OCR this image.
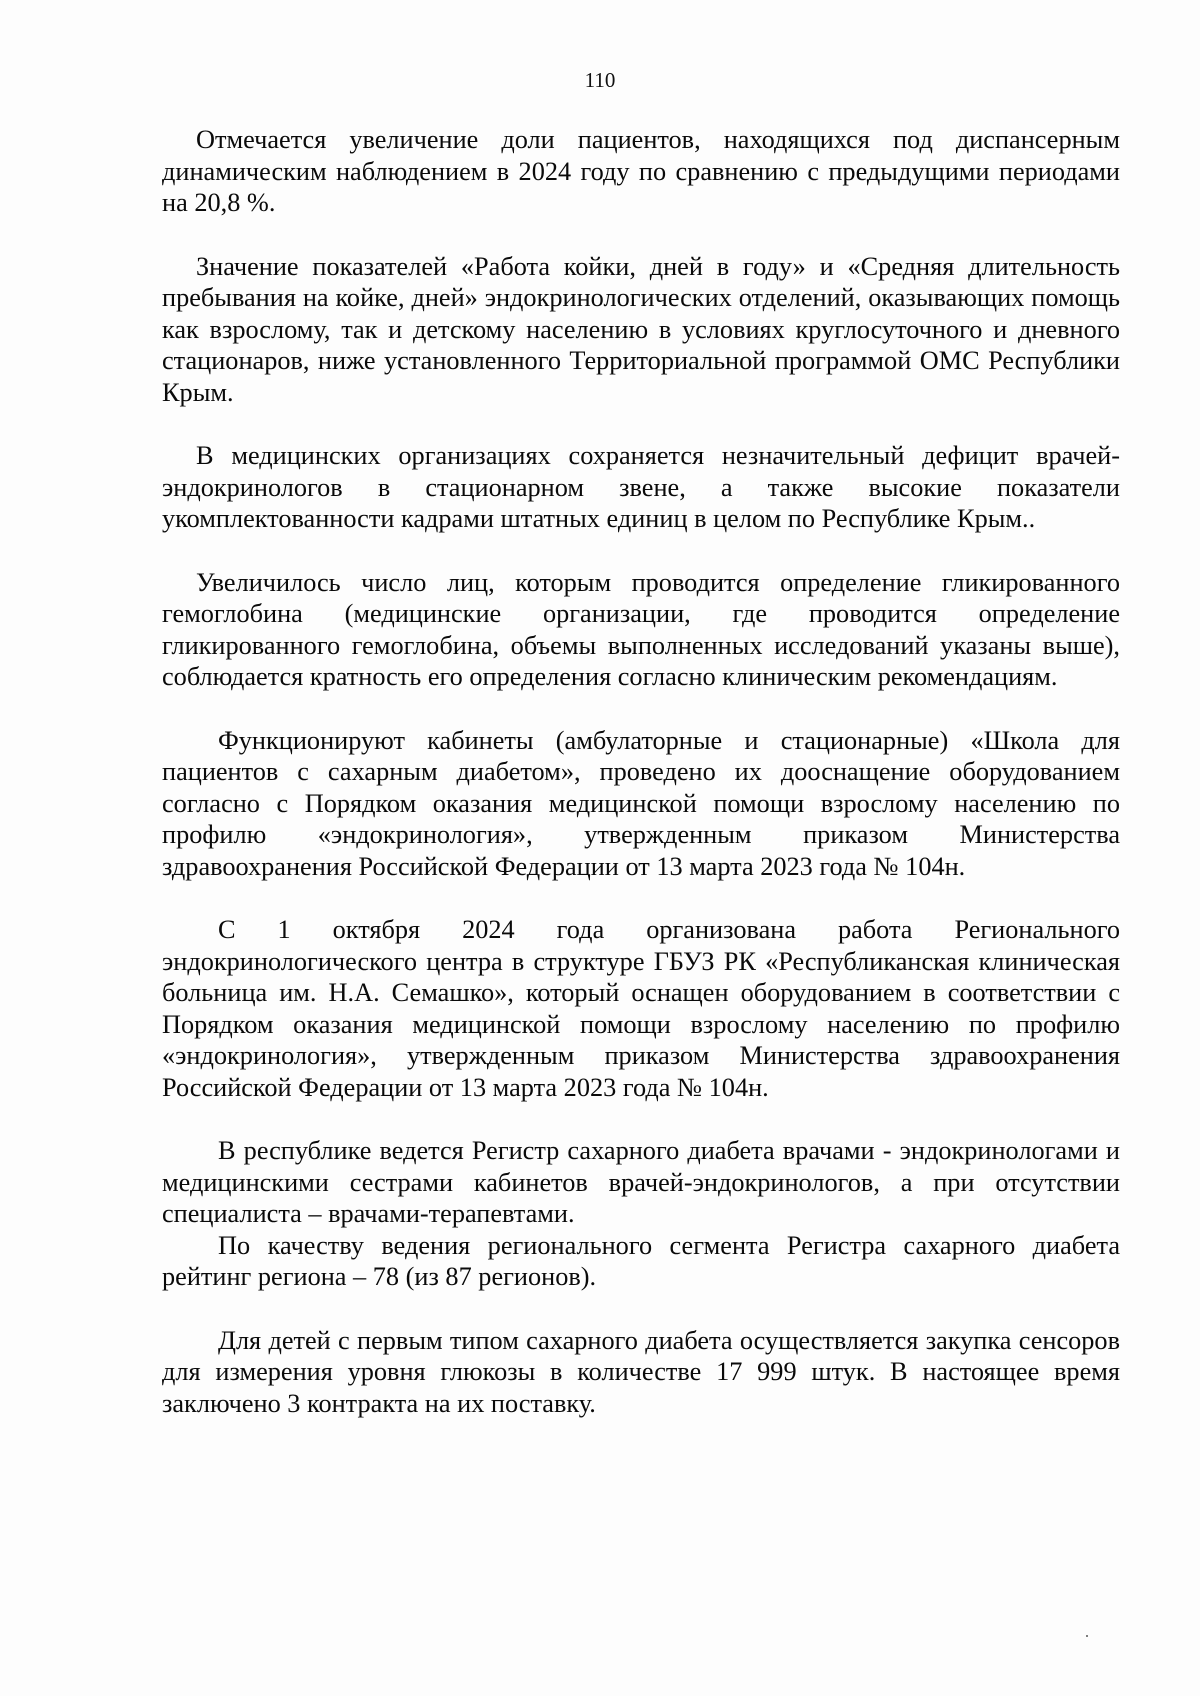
110

Отмечается увеличение доли пациентов, находящихся под диспансерным динамическим наблюдением в 2024 году по сравнению с предыдущими периодами на 20,8 %.

Значение показателей «Работа койки, дней в году» и «Средняя длительность пребывания на койке, дней» эндокринологических отделений, оказывающих помощь как взрослому, так и детскому населению в условиях круглосуточного и дневного стационаров, ниже установленного Территориальной программой ОМС Республики Крым.

В медицинских организациях сохраняется незначительный дефицит врачей-эндокринологов в стационарном звене, а также высокие показатели укомплектованности кадрами штатных единиц в целом по Республике Крым..

Увеличилось число лиц, которым проводится определение гликированного гемоглобина (медицинские организации, где проводится определение гликированного гемоглобина, объемы выполненных исследований указаны выше), соблюдается кратность его определения согласно клиническим рекомендациям.

Функционируют кабинеты (амбулаторные и стационарные) «Школа для пациентов с сахарным диабетом», проведено их дооснащение оборудованием согласно с Порядком оказания медицинской помощи взрослому населению по профилю «эндокринология», утвержденным приказом Министерства здравоохранения Российской Федерации от 13 марта 2023 года № 104н.

С 1 октября 2024 года организована работа Регионального эндокринологического центра в структуре ГБУЗ РК «Республиканская клиническая больница им. Н.А. Семашко», который оснащен оборудованием в соответствии с Порядком оказания медицинской помощи взрослому населению по профилю «эндокринология», утвержденным приказом Министерства здравоохранения Российской Федерации от 13 марта 2023 года № 104н.

В республике ведется Регистр сахарного диабета врачами - эндокринологами и медицинскими сестрами кабинетов врачей-эндокринологов, а при отсутствии специалиста – врачами-терапевтами.

По качеству ведения регионального сегмента Регистра сахарного диабета рейтинг региона – 78 (из 87 регионов).

Для детей с первым типом сахарного диабета осуществляется закупка сенсоров для измерения уровня глюкозы в количестве 17 999 штук. В настоящее время заключено 3 контракта на их поставку.
